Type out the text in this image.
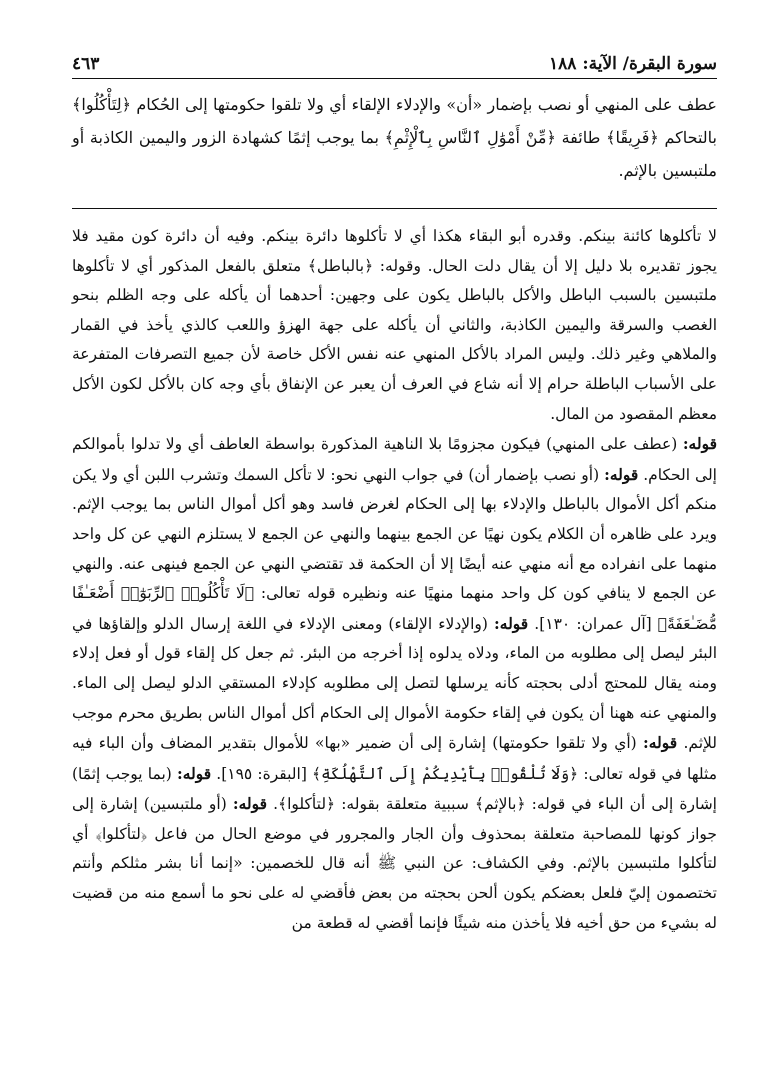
سورة البقرة/ الآية: ١٨٨
٤٦٣

عطف على المنهي أو نصب بإضمار «أن» والإدلاء الإلقاء أي ولا تلقوا حكومتها إلى الحُكام ﴿لِتَأْكُلُوا﴾ بالتحاكم ﴿فَرِيقًا﴾ طائفة ﴿مِّنْ أَمْوَٰلِ ٱلنَّاسِ بِٱلْإِثْمِ﴾ بما يوجب إثمًا كشهادة الزور واليمين الكاذبة أو ملتبسين بالإثم.

لا تأكلوها كائنة بينكم. وقدره أبو البقاء هكذا أي لا تأكلوها دائرة بينكم. وفيه أن دائرة كون مقيد فلا يجوز تقديره بلا دليل إلا أن يقال دلت الحال. وقوله: ﴿بالباطل﴾ متعلق بالفعل المذكور أي لا تأكلوها ملتبسين بالسبب الباطل والأكل بالباطل يكون على وجهين: أحدهما أن يأكله على وجه الظلم بنحو الغصب والسرقة واليمين الكاذبة، والثاني أن يأكله على جهة الهزؤ واللعب كالذي يأخذ في القمار والملاهي وغير ذلك. وليس المراد بالأكل المنهي عنه نفس الأكل خاصة لأن جميع التصرفات المتفرعة على الأسباب الباطلة حرام إلا أنه شاع في العرف أن يعبر عن الإنفاق بأي وجه كان بالأكل لكون الأكل معظم المقصود من المال.

قوله: (عطف على المنهي) فيكون مجزومًا بلا الناهية المذكورة بواسطة العاطف أي ولا تدلوا بأموالكم إلى الحكام. قوله: (أو نصب بإضمار أن) في جواب النهي نحو: لا تأكل السمك وتشرب اللبن أي ولا يكن منكم أكل الأموال بالباطل والإدلاء بها إلى الحكام لغرض فاسد وهو أكل أموال الناس بما يوجب الإثم. ويرد على ظاهره أن الكلام يكون نهيًا عن الجمع بينهما والنهي عن الجمع لا يستلزم النهي عن كل واحد منهما على انفراده مع أنه منهي عنه أيضًا إلا أن الحكمة قد تقتضي النهي عن الجمع فينهى عنه. والنهي عن الجمع لا ينافي كون كل واحد منهما منهيًا عنه ونظيره قوله تعالى: ﴿لَا تَأْكُلُوا۟ ٱلرِّبَوٰٓا۟ أَضْعَـٰفًا مُّضَـٰعَفَةً﴾ [آل عمران: ١٣٠]. قوله: (والإدلاء الإلقاء) ومعنى الإدلاء في اللغة إرسال الدلو وإلقاؤها في البئر ليصل إلى مطلوبه من الماء، ودلاه يدلوه إذا أخرجه من البئر. ثم جعل كل إلقاء قول أو فعل إدلاء ومنه يقال للمحتج أدلى بحجته كأنه يرسلها لتصل إلى مطلوبه كإدلاء المستقي الدلو ليصل إلى الماء. والمنهي عنه ههنا أن يكون في إلقاء حكومة الأموال إلى الحكام أكل أموال الناس بطريق محرم موجب للإثم. قوله: (أي ولا تلقوا حكومتها) إشارة إلى أن ضمير «بها» للأموال بتقدير المضاف وأن الباء فيه مثلها في قوله تعالى: ﴿وَلَا تُلْقُوا۟ بِأَيْدِيكُمْ إِلَى ٱلتَّهْلُكَةِ﴾ [البقرة: ١٩٥]. قوله: (بما يوجب إثمًا) إشارة إلى أن الباء في قوله: ﴿بالإثم﴾ سببية متعلقة بقوله: ﴿لتأكلوا﴾. قوله: (أو ملتبسين) إشارة إلى جواز كونها للمصاحبة متعلقة بمحذوف وأن الجار والمجرور في موضع الحال من فاعل ﴿لتأكلوا﴾ أي لتأكلوا ملتبسين بالإثم. وفي الكشاف: عن النبي ﷺ أنه قال للخصمين: «إنما أنا بشر مثلكم وأنتم تختصمون إليّ فلعل بعضكم يكون ألحن بحجته من بعض فأقضي له على نحو ما أسمع منه من قضيت له بشيء من حق أخيه فلا يأخذن منه شيئًا فإنما أقضي له قطعة من
